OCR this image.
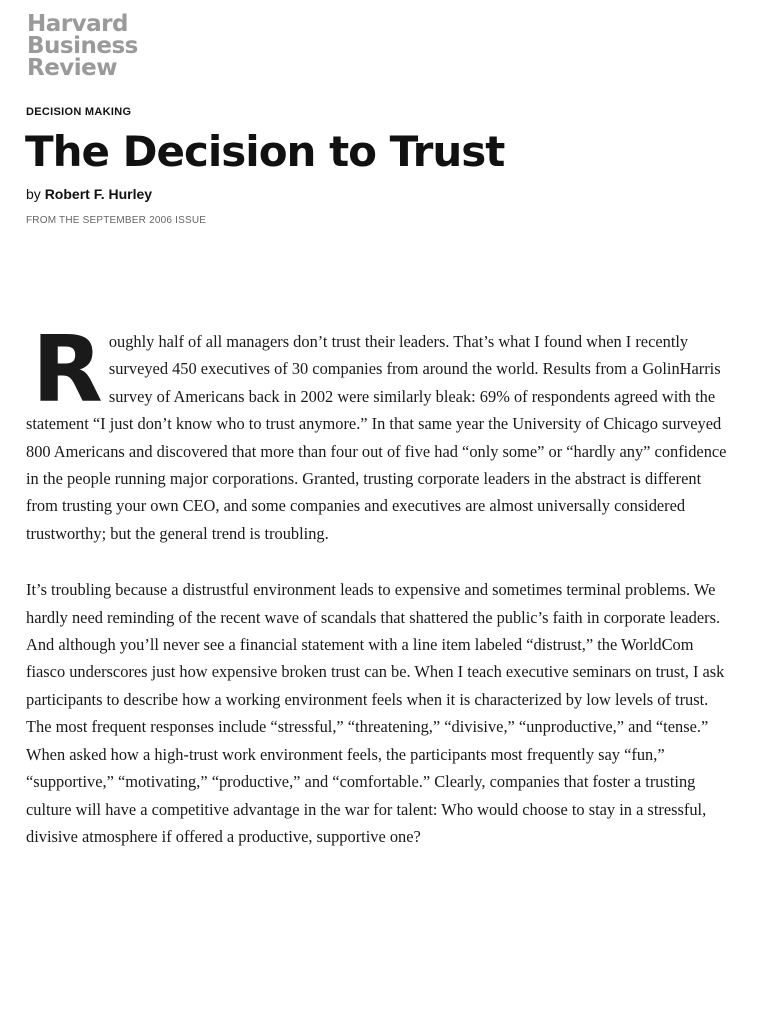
Harvard
Business
Review
DECISION MAKING
The Decision to Trust
by Robert F. Hurley
FROM THE SEPTEMBER 2006 ISSUE

R oughly half of all managers don’t trust their leaders. That’s what I found when I recently surveyed 450 executives of 30 companies from around the world. Results from a GolinHarris survey of Americans back in 2002 were similarly bleak: 69% of respondents agreed with the statement “I just don’t know who to trust anymore.” In that same year the University of Chicago surveyed 800 Americans and discovered that more than four out of five had “only some” or “hardly any” confidence in the people running major corporations. Granted, trusting corporate leaders in the abstract is different from trusting your own CEO, and some companies and executives are almost universally considered trustworthy; but the general trend is troubling.

It’s troubling because a distrustful environment leads to expensive and sometimes terminal problems. We hardly need reminding of the recent wave of scandals that shattered the public’s faith in corporate leaders. And although you’ll never see a financial statement with a line item labeled “distrust,” the WorldCom fiasco underscores just how expensive broken trust can be. When I teach executive seminars on trust, I ask participants to describe how a working environment feels when it is characterized by low levels of trust. The most frequent responses include “stressful,” “threatening,” “divisive,” “unproductive,” and “tense.” When asked how a high-trust work environment feels, the participants most frequently say “fun,” “supportive,” “motivating,” “productive,” and “comfortable.” Clearly, companies that foster a trusting culture will have a competitive advantage in the war for talent: Who would choose to stay in a stressful, divisive atmosphere if offered a productive, supportive one?
